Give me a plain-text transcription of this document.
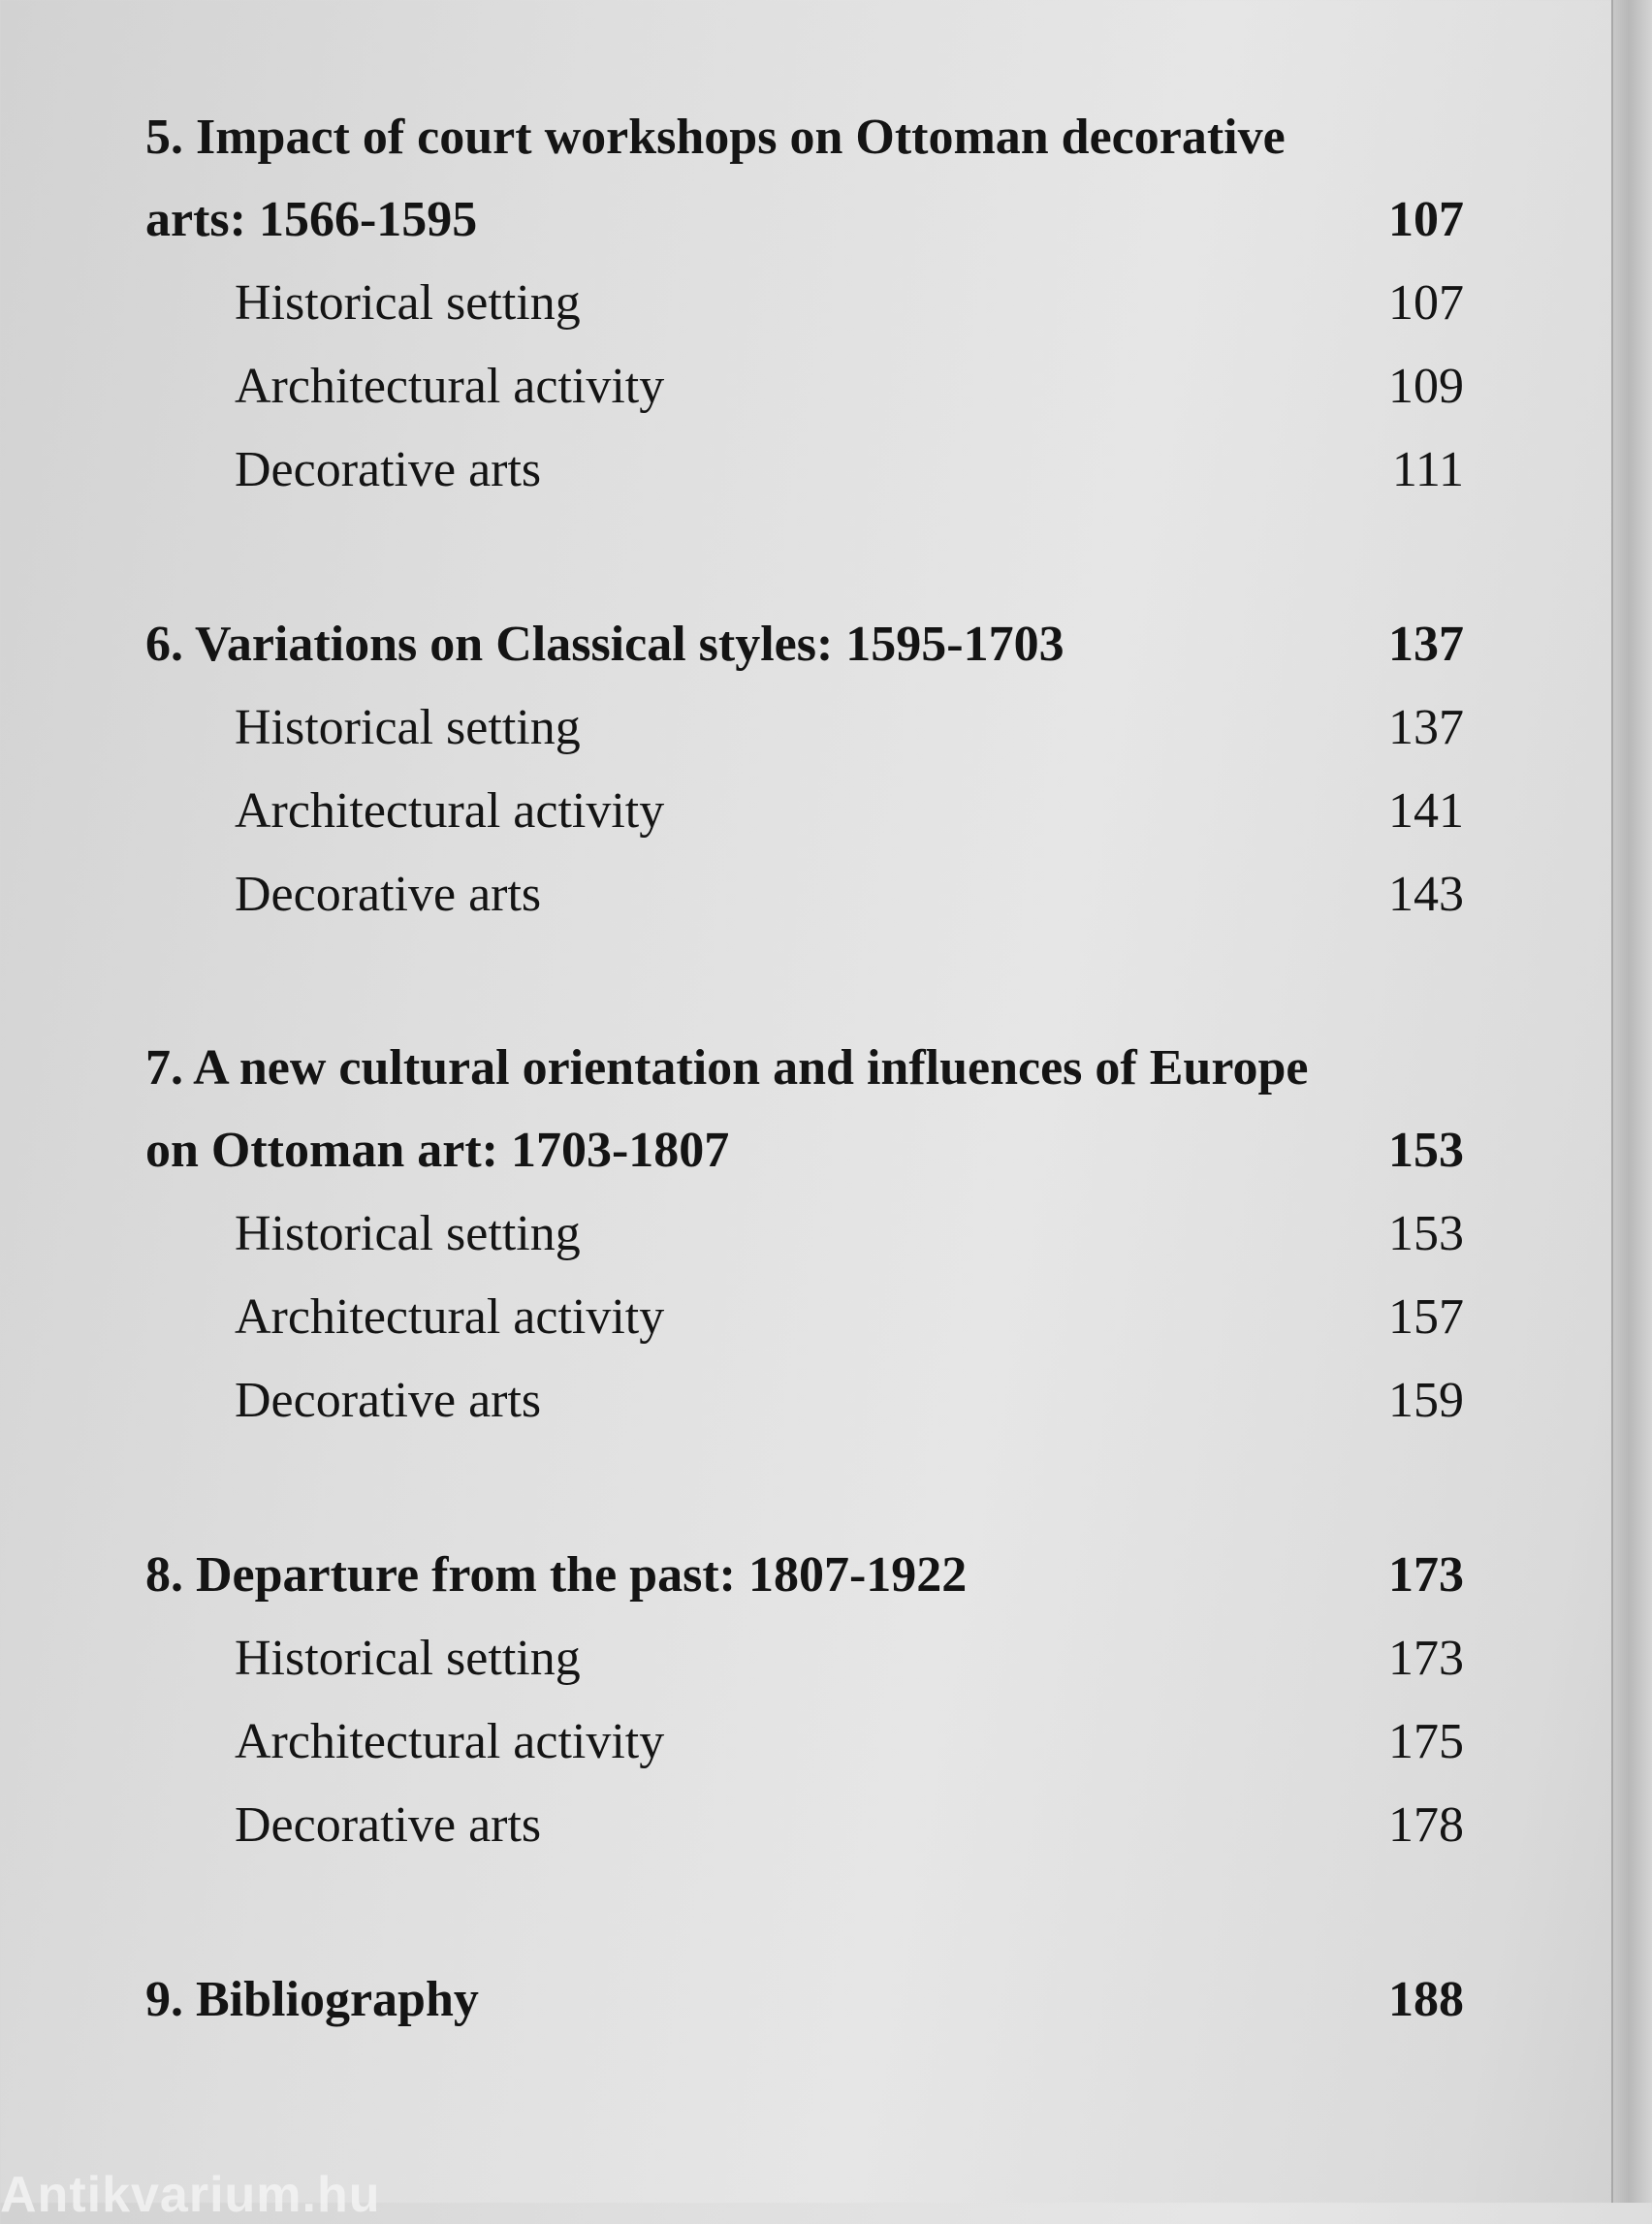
5. Impact of court workshops on Ottoman decorative
arts: 1566-1595	107
Historical setting	107
Architectural activity	109
Decorative arts	111
6. Variations on Classical styles: 1595-1703	137
Historical setting	137
Architectural activity	141
Decorative arts	143
7. A new cultural orientation and influences of Europe
on Ottoman art: 1703-1807	153
Historical setting	153
Architectural activity	157
Decorative arts	159
8. Departure from the past: 1807-1922	173
Historical setting	173
Architectural activity	175
Decorative arts	178
9. Bibliography	188
Antikvarium.hu
